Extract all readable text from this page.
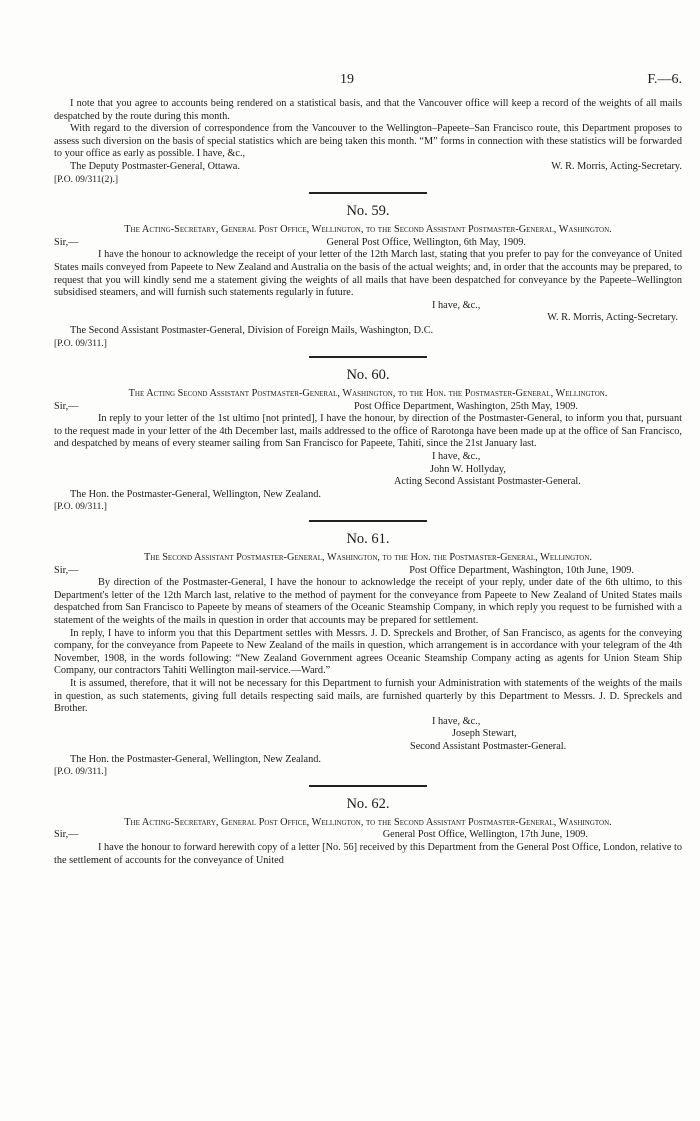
19	F.—6.

I note that you agree to accounts being rendered on a statistical basis, and that the Vancouver office will keep a record of the weights of all mails despatched by the route during this month.

With regard to the diversion of correspondence from the Vancouver to the Wellington–Papeete–San Francisco route, this Department proposes to assess such diversion on the basis of special statistics which are being taken this month. “M” forms in connection with these statistics will be forwarded to your office as early as possible. I have, &c.,

The Deputy Postmaster-General, Ottawa.	W. R. Morris, Acting-Secretary.
[P.O. 09/311(2).]
No. 59.
The Acting-Secretary, General Post Office, Wellington, to the Second Assistant Postmaster-General, Washington.
Sir,—	General Post Office, Wellington, 6th May, 1909.

I have the honour to acknowledge the receipt of your letter of the 12th March last, stating that you prefer to pay for the conveyance of United States mails conveyed from Papeete to New Zealand and Australia on the basis of the actual weights; and, in order that the accounts may be prepared, to request that you will kindly send me a statement giving the weights of all mails that have been despatched for conveyance by the Papeete–Wellington subsidised steamers, and will furnish such statements regularly in future.

I have, &c.,
W. R. Morris, Acting-Secretary.
The Second Assistant Postmaster-General, Division of Foreign Mails, Washington, D.C.
[P.O. 09/311.]
No. 60.
The Acting Second Assistant Postmaster-General, Washington, to the Hon. the Postmaster-General, Wellington.
Sir,—	Post Office Department, Washington, 25th May, 1909.

In reply to your letter of the 1st ultimo [not printed], I have the honour, by direction of the Postmaster-General, to inform you that, pursuant to the request made in your letter of the 4th December last, mails addressed to the office of Rarotonga have been made up at the office of San Francisco, and despatched by means of every steamer sailing from San Francisco for Papeete, Tahiti, since the 21st January last.

I have, &c.,
John W. Hollyday,
Acting Second Assistant Postmaster-General.
The Hon. the Postmaster-General, Wellington, New Zealand.
[P.O. 09/311.]
No. 61.
The Second Assistant Postmaster-General, Washington, to the Hon. the Postmaster-General, Wellington.
Sir,—	Post Office Department, Washington, 10th June, 1909.

By direction of the Postmaster-General, I have the honour to acknowledge the receipt of your reply, under date of the 6th ultimo, to this Department's letter of the 12th March last, relative to the method of payment for the conveyance from Papeete to New Zealand of United States mails despatched from San Francisco to Papeete by means of steamers of the Oceanic Steamship Company, in which reply you request to be furnished with a statement of the weights of the mails in question in order that accounts may be prepared for settlement.

In reply, I have to inform you that this Department settles with Messrs. J. D. Spreckels and Brother, of San Francisco, as agents for the conveying company, for the conveyance from Papeete to New Zealand of the mails in question, which arrangement is in accordance with your telegram of the 4th November, 1908, in the words following: “New Zealand Government agrees Oceanic Steamship Company acting as agents for Union Steam Ship Company, our contractors Tahiti Wellington mail-service.—Ward.”

It is assumed, therefore, that it will not be necessary for this Department to furnish your Administration with statements of the weights of the mails in question, as such statements, giving full details respecting said mails, are furnished quarterly by this Department to Messrs. J. D. Spreckels and Brother.

I have, &c.,
Joseph Stewart,
Second Assistant Postmaster-General.
The Hon. the Postmaster-General, Wellington, New Zealand.
[P.O. 09/311.]
No. 62.
The Acting-Secretary, General Post Office, Wellington, to the Second Assistant Postmaster-General, Washington.
Sir,—	General Post Office, Wellington, 17th June, 1909.

I have the honour to forward herewith copy of a letter [No. 56] received by this Department from the General Post Office, London, relative to the settlement of accounts for the conveyance of United
